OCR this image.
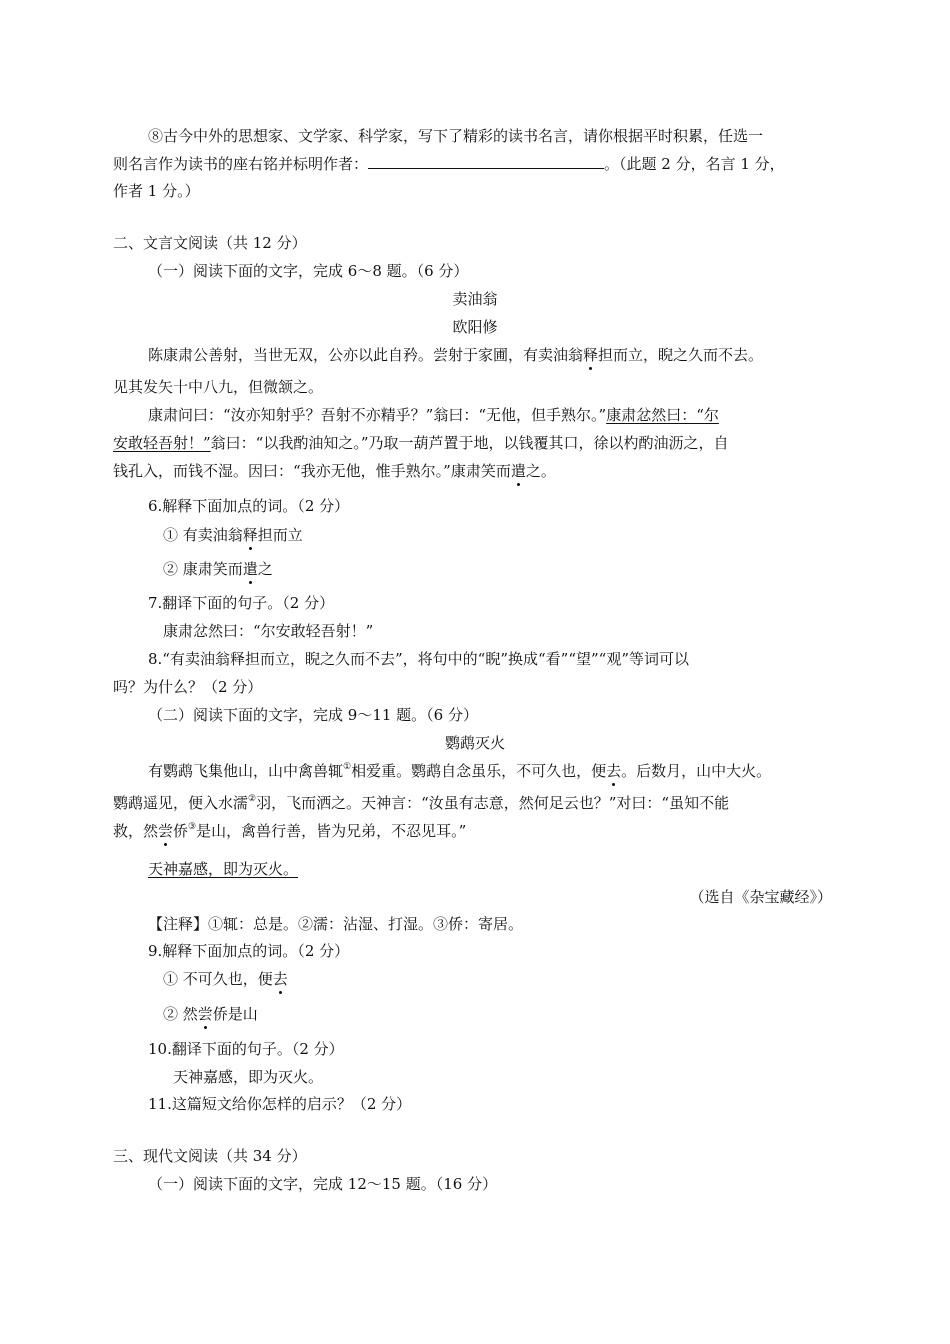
⑧古今中外的思想家、文学家、科学家，写下了精彩的读书名言，请你根据平时积累，任选一
则名言作为读书的座右铭并标明作者：	。（此题 2 分，名言 1 分，
作者 1 分。）
二、文言文阅读（共 12 分）
（一）阅读下面的文字，完成 6～8 题。（6 分）
卖油翁
欧阳修
陈康肃公善射，当世无双，公亦以此自矜。尝射于家圃，有卖油翁释担而立，睨之久而不去。
见其发矢十中八九，但微颔之。
康肃问曰：“汝亦知射乎？吾射不亦精乎？”翁曰：“无他，但手熟尔。”康肃忿然曰：“尔
安敢轻吾射！”翁曰：“以我酌油知之。”乃取一葫芦置于地，以钱覆其口，徐以杓酌油沥之，自
钱孔入，而钱不湿。因曰：“我亦无他，惟手熟尔。”康肃笑而遣之。
6.解释下面加点的词。（2 分）
① 有卖油翁释担而立
② 康肃笑而遣之
7.翻译下面的句子。（2 分）
康肃忿然曰：“尔安敢轻吾射！”
8.“有卖油翁释担而立，睨之久而不去”，将句中的“睨”换成“看”“望”“观”等词可以
吗？为什么？（2 分）
（二）阅读下面的文字，完成 9～11 题。（6 分）
鹦鹉灭火
有鹦鹉飞集他山，山中禽兽辄①相爱重。鹦鹉自念虽乐，不可久也，便去。后数月，山中大火。
鹦鹉遥见，便入水濡②羽，飞而洒之。天神言：“汝虽有志意，然何足云也？”对曰：“虽知不能
救，然尝侨③是山，禽兽行善，皆为兄弟，不忍见耳。”
天神嘉感，即为灭火。
（选自《杂宝藏经》）
【注释】①辄：总是。②濡：沾湿、打湿。③侨：寄居。
9.解释下面加点的词。（2 分）
① 不可久也，便去
② 然尝侨是山
10.翻译下面的句子。（2 分）
天神嘉感，即为灭火。
11.这篇短文给你怎样的启示？（2 分）
三、现代文阅读（共 34 分）
（一）阅读下面的文字，完成 12～15 题。（16 分）
